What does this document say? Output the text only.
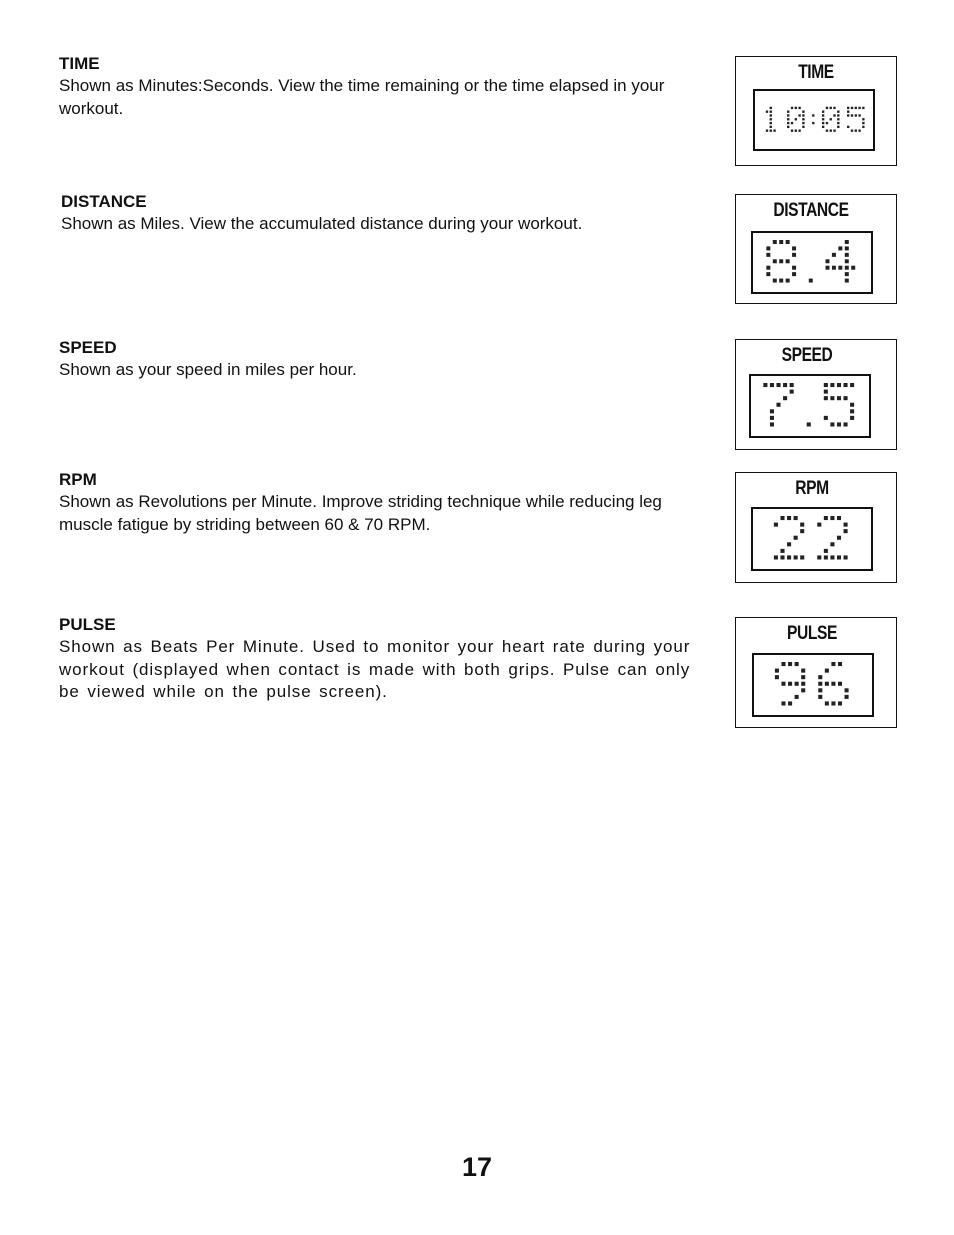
TIME

Shown as Minutes:Seconds. View the time remaining or the time elapsed in your workout.

DISTANCE

Shown as Miles. View the accumulated distance during your workout.

SPEED

Shown as your speed in miles per hour.

RPM

Shown as Revolutions per Minute. Improve striding technique while reducing leg muscle fatigue by striding between 60 & 70 RPM.

PULSE

Shown as Beats Per Minute. Used to monitor your heart rate during your workout (displayed when contact is made with both grips. Pulse can only be viewed while on the pulse screen).

TIME
DISTANCE
SPEED
RPM
PULSE
17
